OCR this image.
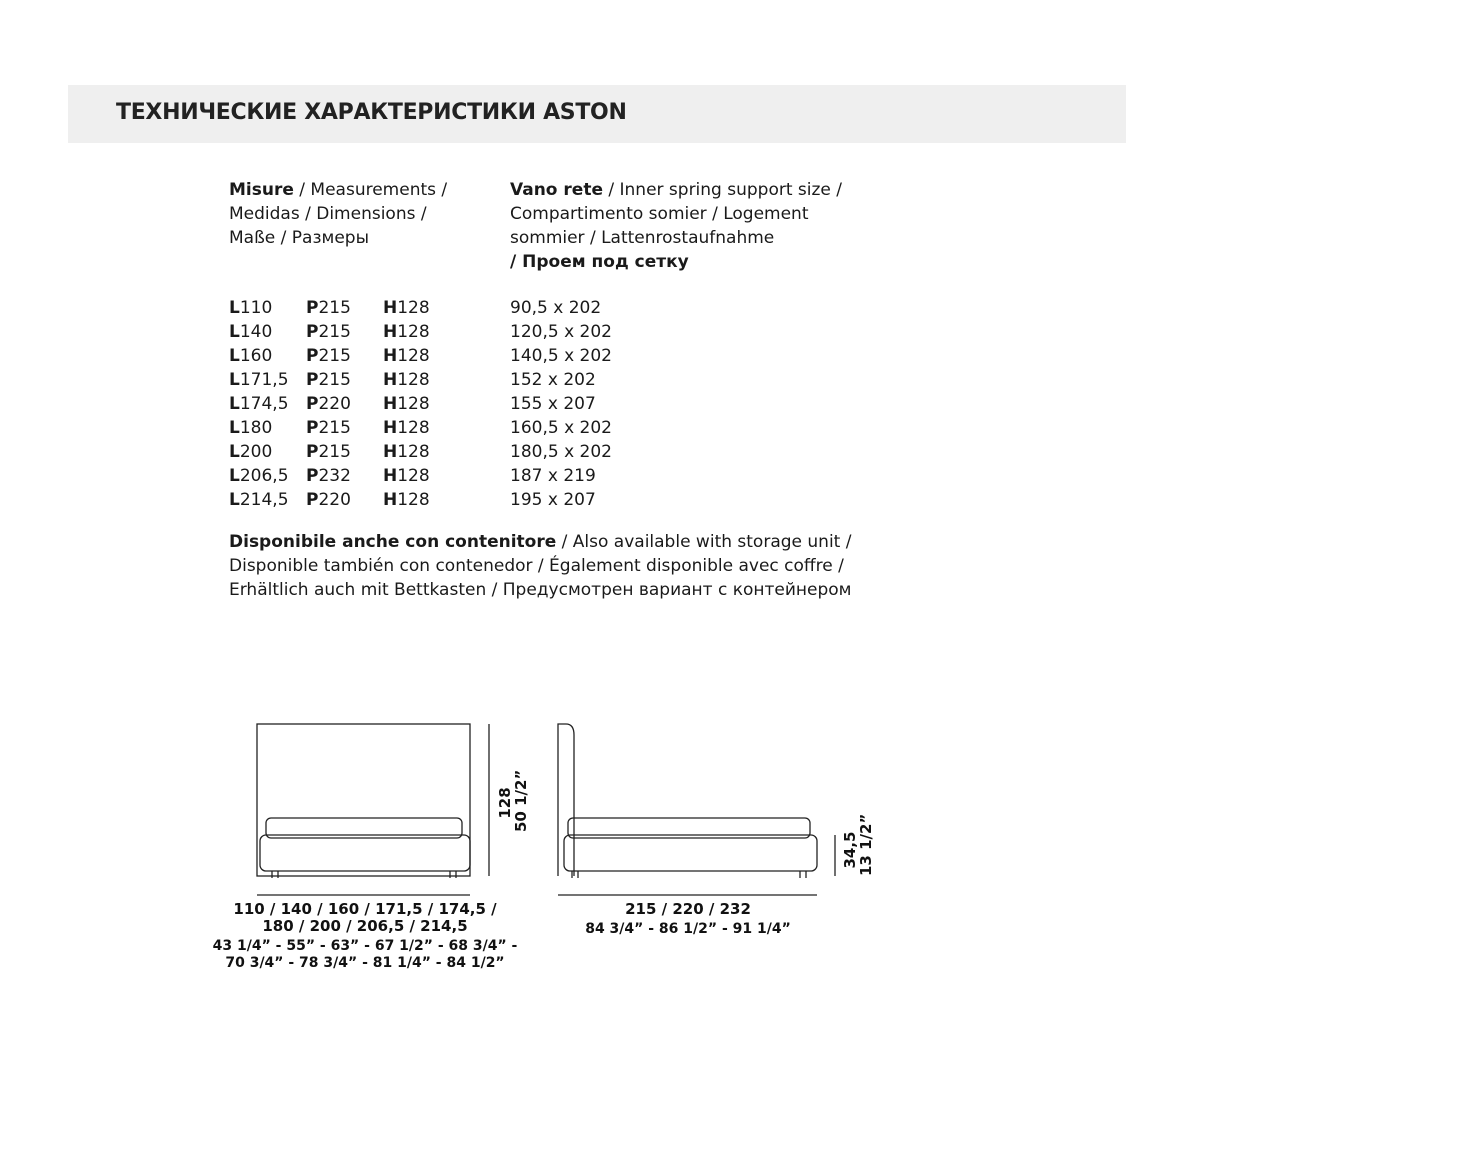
ТЕХНИЧЕСКИЕ ХАРАКТЕРИСТИКИ ASTON
Misure / Measurements /
Medidas / Dimensions /
Maße / Размеры
Vano rete / Inner spring support size /
Compartimento somier / Logement
sommier / Lattenrostaufnahme
/ Проем под сетку
L110	P215	H128	90,5 x 202
L140	P215	H128	120,5 x 202
L160	P215	H128	140,5 x 202
L171,5	P215	H128	152 x 202
L174,5	P220	H128	155 x 207
L180	P215	H128	160,5 x 202
L200	P215	H128	180,5 x 202
L206,5	P232	H128	187 x 219
L214,5	P220	H128	195 x 207
Disponibile anche con contenitore / Also available with storage unit /
Disponible también con contenedor / Également disponible avec coffre /
Erhältlich auch mit Bettkasten / Предусмотрен вариант с контейнером
110 / 140 / 160 / 171,5 / 174,5 /
180 / 200 / 206,5 / 214,5
43 1/4” - 55” - 63” - 67 1/2” - 68 3/4” -
70 3/4” - 78 3/4” - 81 1/4” - 84 1/2”
215 / 220 / 232
84 3/4” - 86 1/2” - 91 1/4”
128
50 1/2”
34,5
13 1/2”
